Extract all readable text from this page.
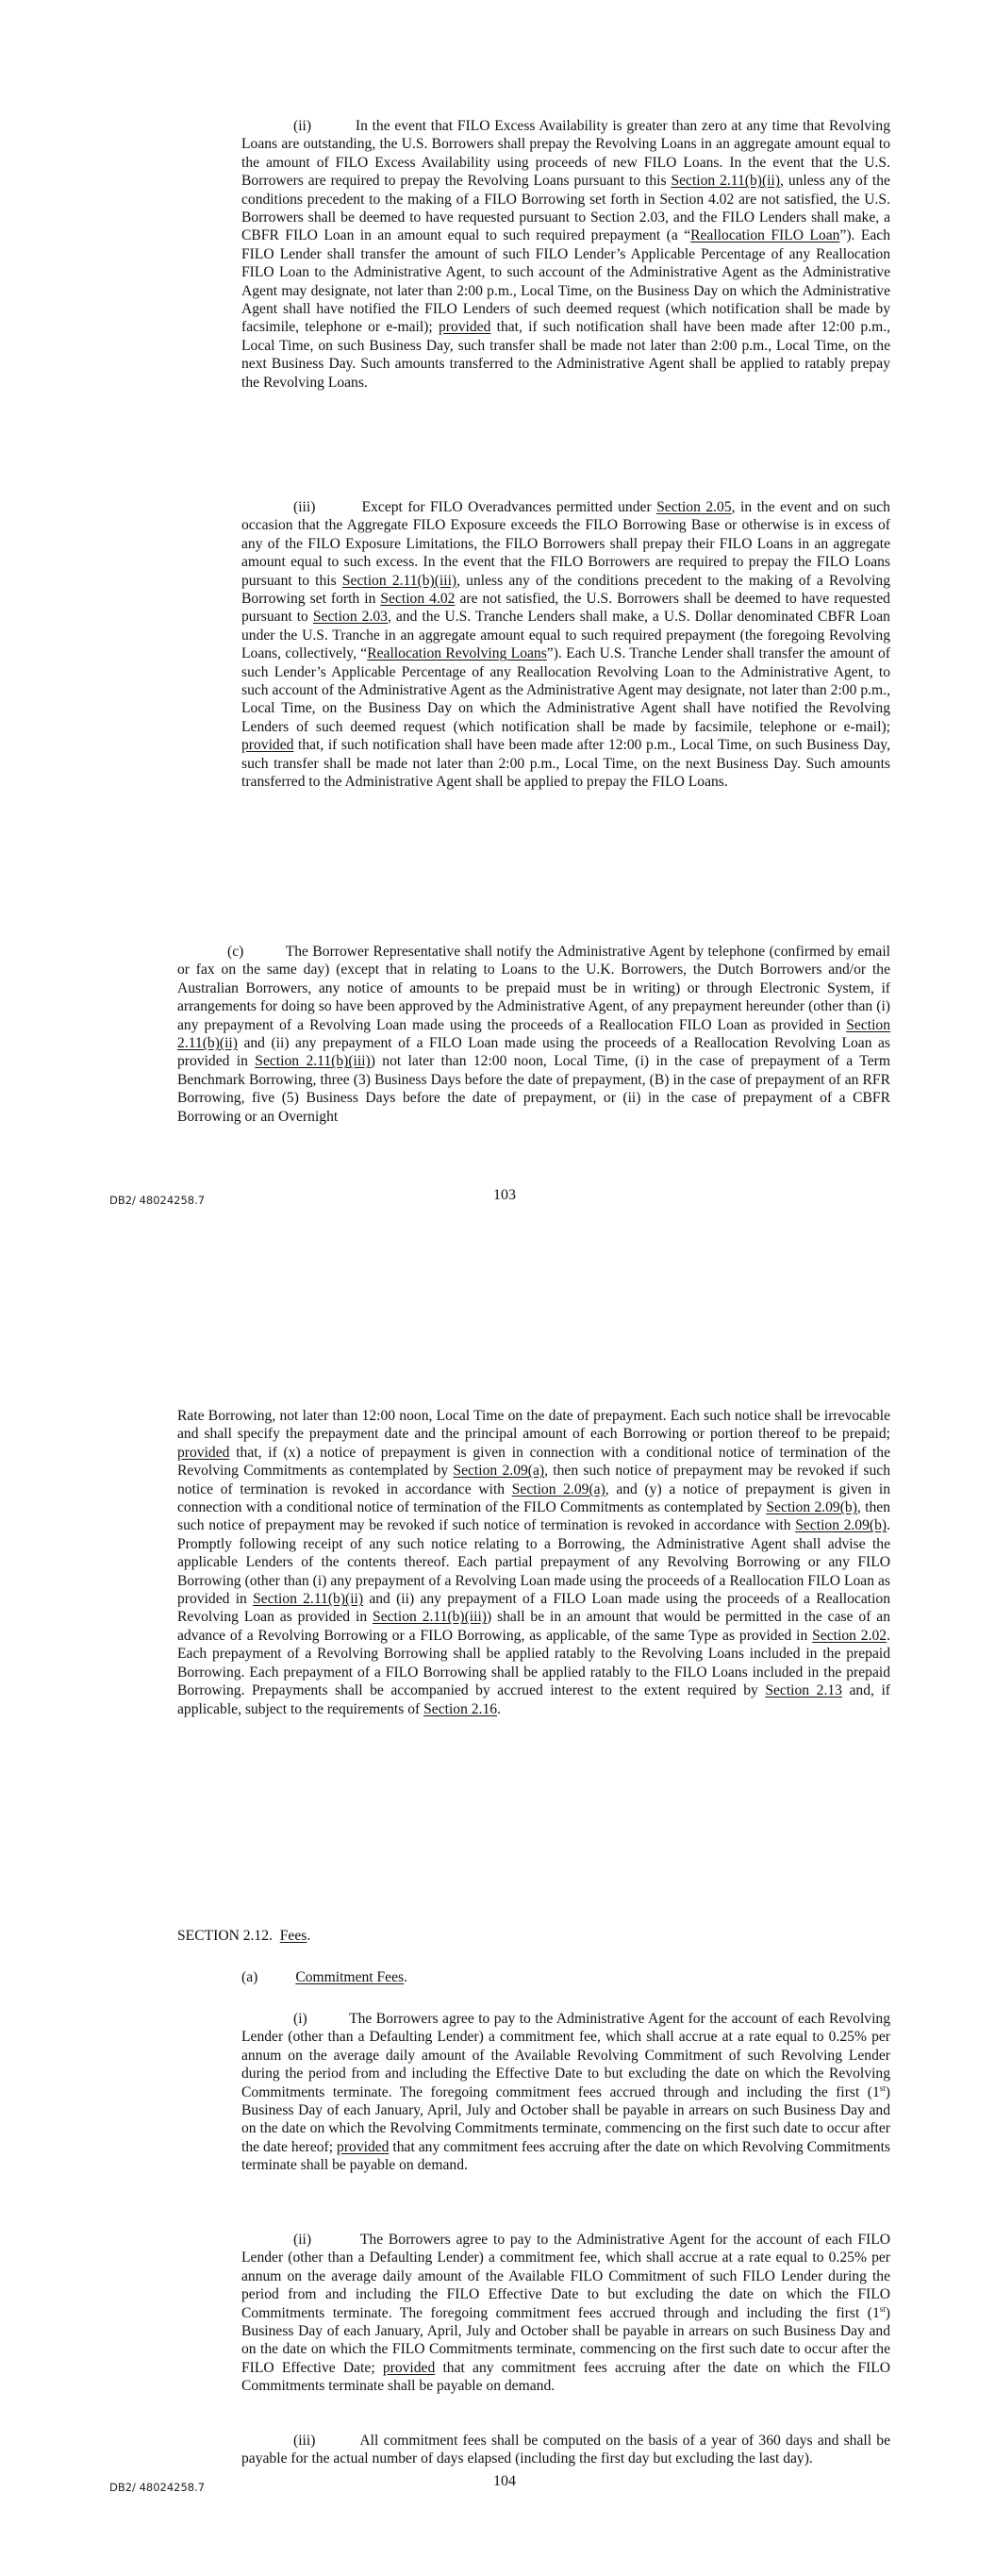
(ii)	In the event that FILO Excess Availability is greater than zero at any time that Revolving Loans are outstanding, the U.S. Borrowers shall prepay the Revolving Loans in an aggregate amount equal to the amount of FILO Excess Availability using proceeds of new FILO Loans. In the event that the U.S. Borrowers are required to prepay the Revolving Loans pursuant to this Section 2.11(b)(ii), unless any of the conditions precedent to the making of a FILO Borrowing set forth in Section 4.02 are not satisfied, the U.S. Borrowers shall be deemed to have requested pursuant to Section 2.03, and the FILO Lenders shall make, a CBFR FILO Loan in an amount equal to such required prepayment (a “Reallocation FILO Loan”). Each FILO Lender shall transfer the amount of such FILO Lender’s Applicable Percentage of any Reallocation FILO Loan to the Administrative Agent, to such account of the Administrative Agent as the Administrative Agent may designate, not later than 2:00 p.m., Local Time, on the Business Day on which the Administrative Agent shall have notified the FILO Lenders of such deemed request (which notification shall be made by facsimile, telephone or e-mail); provided that, if such notification shall have been made after 12:00 p.m., Local Time, on such Business Day, such transfer shall be made not later than 2:00 p.m., Local Time, on the next Business Day. Such amounts transferred to the Administrative Agent shall be applied to ratably prepay the Revolving Loans.

(iii)	Except for FILO Overadvances permitted under Section 2.05, in the event and on such occasion that the Aggregate FILO Exposure exceeds the FILO Borrowing Base or otherwise is in excess of any of the FILO Exposure Limitations, the FILO Borrowers shall prepay their FILO Loans in an aggregate amount equal to such excess. In the event that the FILO Borrowers are required to prepay the FILO Loans pursuant to this Section 2.11(b)(iii), unless any of the conditions precedent to the making of a Revolving Borrowing set forth in Section 4.02 are not satisfied, the U.S. Borrowers shall be deemed to have requested pursuant to Section 2.03, and the U.S. Tranche Lenders shall make, a U.S. Dollar denominated CBFR Loan under the U.S. Tranche in an aggregate amount equal to such required prepayment (the foregoing Revolving Loans, collectively, “Reallocation Revolving Loans”). Each U.S. Tranche Lender shall transfer the amount of such Lender’s Applicable Percentage of any Reallocation Revolving Loan to the Administrative Agent, to such account of the Administrative Agent as the Administrative Agent may designate, not later than 2:00 p.m., Local Time, on the Business Day on which the Administrative Agent shall have notified the Revolving Lenders of such deemed request (which notification shall be made by facsimile, telephone or e-mail); provided that, if such notification shall have been made after 12:00 p.m., Local Time, on such Business Day, such transfer shall be made not later than 2:00 p.m., Local Time, on the next Business Day. Such amounts transferred to the Administrative Agent shall be applied to prepay the FILO Loans.

(c)	The Borrower Representative shall notify the Administrative Agent by telephone (confirmed by email or fax on the same day) (except that in relating to Loans to the U.K. Borrowers, the Dutch Borrowers and/or the Australian Borrowers, any notice of amounts to be prepaid must be in writing) or through Electronic System, if arrangements for doing so have been approved by the Administrative Agent, of any prepayment hereunder (other than (i) any prepayment of a Revolving Loan made using the proceeds of a Reallocation FILO Loan as provided in Section 2.11(b)(ii) and (ii) any prepayment of a FILO Loan made using the proceeds of a Reallocation Revolving Loan as provided in Section 2.11(b)(iii)) not later than 12:00 noon, Local Time, (i) in the case of prepayment of a Term Benchmark Borrowing, three (3) Business Days before the date of prepayment, (B) in the case of prepayment of an RFR Borrowing, five (5) Business Days before the date of prepayment, or (ii) in the case of prepayment of a CBFR Borrowing or an Overnight

103
DB2/ 48024258.7

Rate Borrowing, not later than 12:00 noon, Local Time on the date of prepayment. Each such notice shall be irrevocable and shall specify the prepayment date and the principal amount of each Borrowing or portion thereof to be prepaid; provided that, if (x) a notice of prepayment is given in connection with a conditional notice of termination of the Revolving Commitments as contemplated by Section 2.09(a), then such notice of prepayment may be revoked if such notice of termination is revoked in accordance with Section 2.09(a), and (y) a notice of prepayment is given in connection with a conditional notice of termination of the FILO Commitments as contemplated by Section 2.09(b), then such notice of prepayment may be revoked if such notice of termination is revoked in accordance with Section 2.09(b). Promptly following receipt of any such notice relating to a Borrowing, the Administrative Agent shall advise the applicable Lenders of the contents thereof. Each partial prepayment of any Revolving Borrowing or any FILO Borrowing (other than (i) any prepayment of a Revolving Loan made using the proceeds of a Reallocation FILO Loan as provided in Section 2.11(b)(ii) and (ii) any prepayment of a FILO Loan made using the proceeds of a Reallocation Revolving Loan as provided in Section 2.11(b)(iii)) shall be in an amount that would be permitted in the case of an advance of a Revolving Borrowing or a FILO Borrowing, as applicable, of the same Type as provided in Section 2.02. Each prepayment of a Revolving Borrowing shall be applied ratably to the Revolving Loans included in the prepaid Borrowing. Each prepayment of a FILO Borrowing shall be applied ratably to the FILO Loans included in the prepaid Borrowing. Prepayments shall be accompanied by accrued interest to the extent required by Section 2.13 and, if applicable, subject to the requirements of Section 2.16.

SECTION 2.12. Fees.
(a)	Commitment Fees.

(i)	The Borrowers agree to pay to the Administrative Agent for the account of each Revolving Lender (other than a Defaulting Lender) a commitment fee, which shall accrue at a rate equal to 0.25% per annum on the average daily amount of the Available Revolving Commitment of such Revolving Lender during the period from and including the Effective Date to but excluding the date on which the Revolving Commitments terminate. The foregoing commitment fees accrued through and including the first (1st) Business Day of each January, April, July and October shall be payable in arrears on such Business Day and on the date on which the Revolving Commitments terminate, commencing on the first such date to occur after the date hereof; provided that any commitment fees accruing after the date on which Revolving Commitments terminate shall be payable on demand.

(ii)	The Borrowers agree to pay to the Administrative Agent for the account of each FILO Lender (other than a Defaulting Lender) a commitment fee, which shall accrue at a rate equal to 0.25% per annum on the average daily amount of the Available FILO Commitment of such FILO Lender during the period from and including the FILO Effective Date to but excluding the date on which the FILO Commitments terminate. The foregoing commitment fees accrued through and including the first (1st) Business Day of each January, April, July and October shall be payable in arrears on such Business Day and on the date on which the FILO Commitments terminate, commencing on the first such date to occur after the FILO Effective Date; provided that any commitment fees accruing after the date on which the FILO Commitments terminate shall be payable on demand.

(iii)	All commitment fees shall be computed on the basis of a year of 360 days and shall be payable for the actual number of days elapsed (including the first day but excluding the last day).

104
DB2/ 48024258.7
